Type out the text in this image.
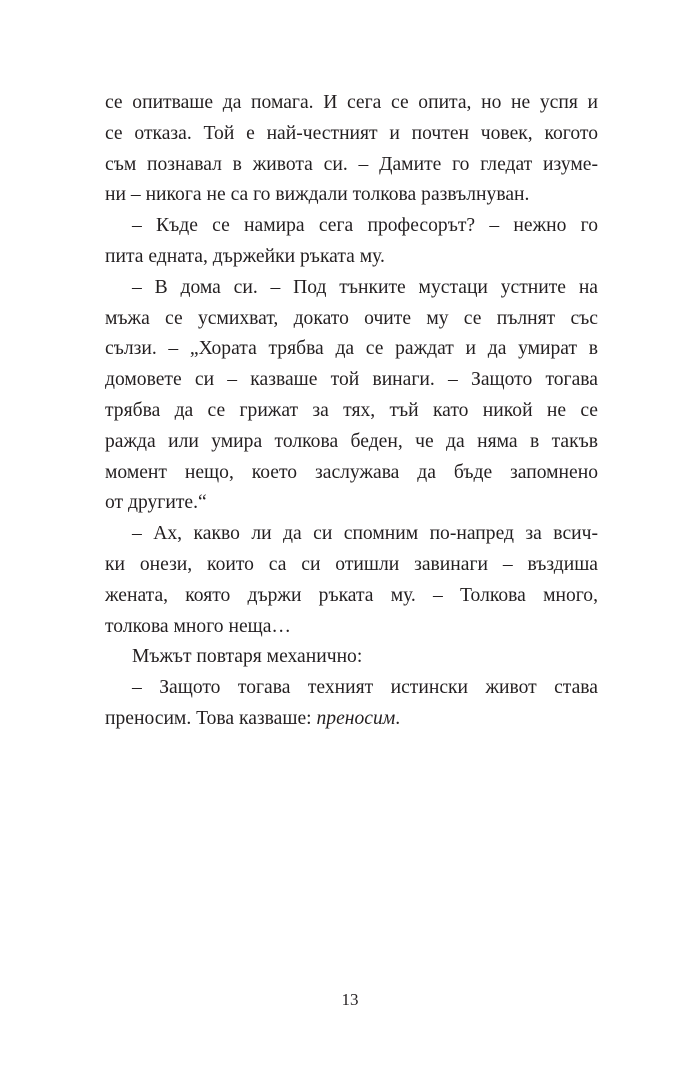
се опитваше да помага. И сега се опита, но не успя и
се отказа. Той е най-честният и почтен човек, когото
съм познавал в живота си. – Дамите го гледат изуме-
ни – никога не са го виждали толкова развълнуван.
– Къде се намира сега професорът? – нежно го
пита едната, държейки ръката му.
– В дома си. – Под тънките мустаци устните на
мъжа се усмихват, докато очите му се пълнят със
сълзи. – „Хората трябва да се раждат и да умират в
домовете си – казваше той винаги. – Защото тогава
трябва да се грижат за тях, тъй като никой не се
ражда или умира толкова беден, че да няма в такъв
момент нещо, което заслужава да бъде запомнено
от другите.“
– Ах, какво ли да си спомним по-напред за всич-
ки онези, които са си отишли завинаги – въздиша
жената, която държи ръката му. – Толкова много,
толкова много неща…
Мъжът повтаря механично:
– Защото тогава техният истински живот става
преносим. Това казваше: преносим.
13
